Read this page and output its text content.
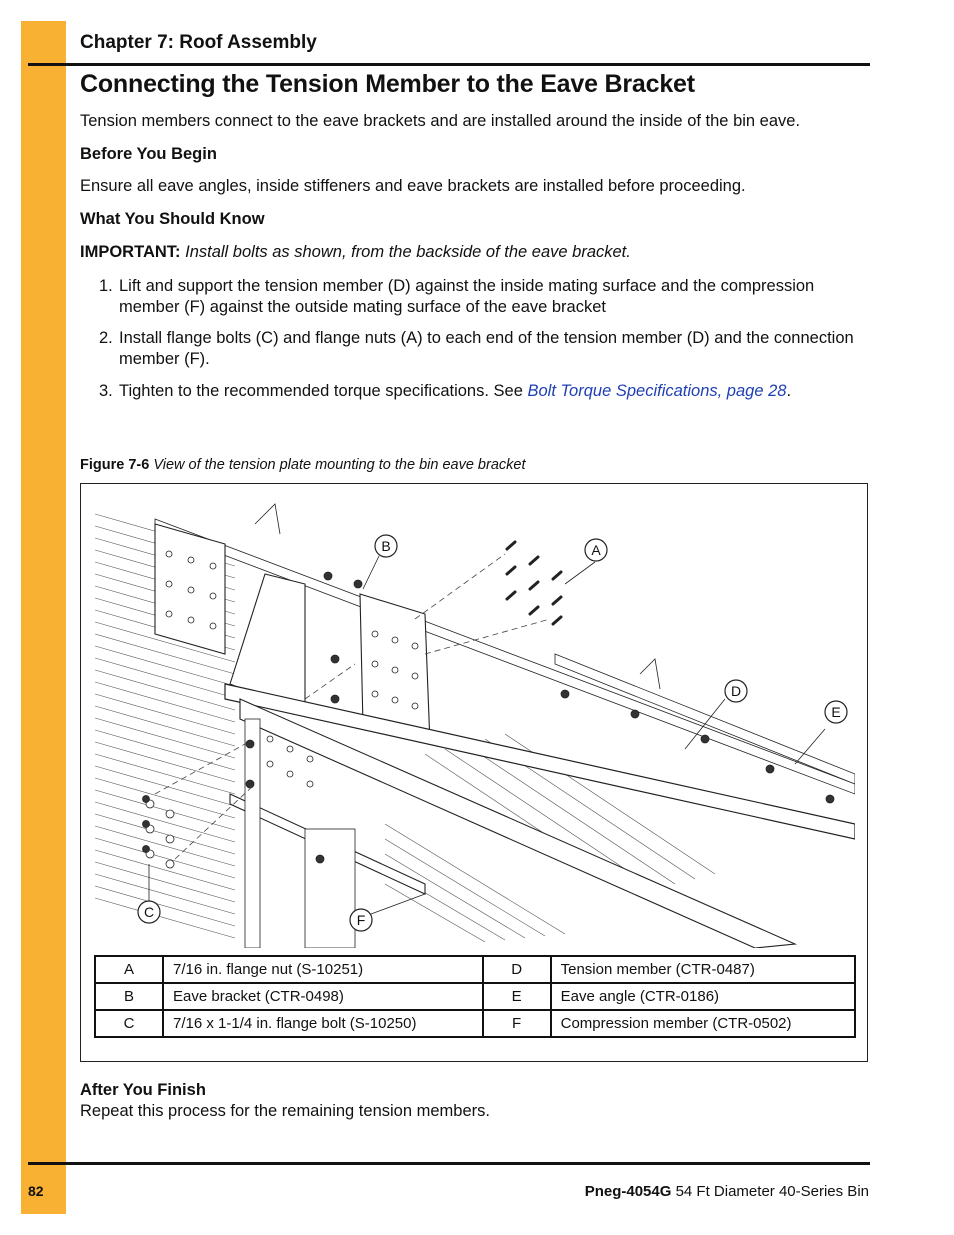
Chapter 7: Roof Assembly
Connecting the Tension Member to the Eave Bracket
Tension members connect to the eave brackets and are installed around the inside of the bin eave.
Before You Begin
Ensure all eave angles, inside stiffeners and eave brackets are installed before proceeding.
What You Should Know
IMPORTANT: Install bolts as shown, from the backside of the eave bracket.
1. Lift and support the tension member (D) against the inside mating surface and the compression member (F) against the outside mating surface of the eave bracket
2. Install flange bolts (C) and flange nuts (A) to each end of the tension member (D) and the connection member (F).
3. Tighten to the recommended torque specifications. See Bolt Torque Specifications, page 28.
Figure 7-6 View of the tension plate mounting to the bin eave bracket
B	A
D
E
C	F
A	7/16 in. flange nut (S-10251)	D	Tension member (CTR-0487)
B	Eave bracket (CTR-0498)	E	Eave angle (CTR-0186)
C	7/16 x 1-1/4 in. flange bolt (S-10250)	F	Compression member (CTR-0502)
After You Finish
Repeat this process for the remaining tension members.
82	Pneg-4054G 54 Ft Diameter 40-Series Bin
